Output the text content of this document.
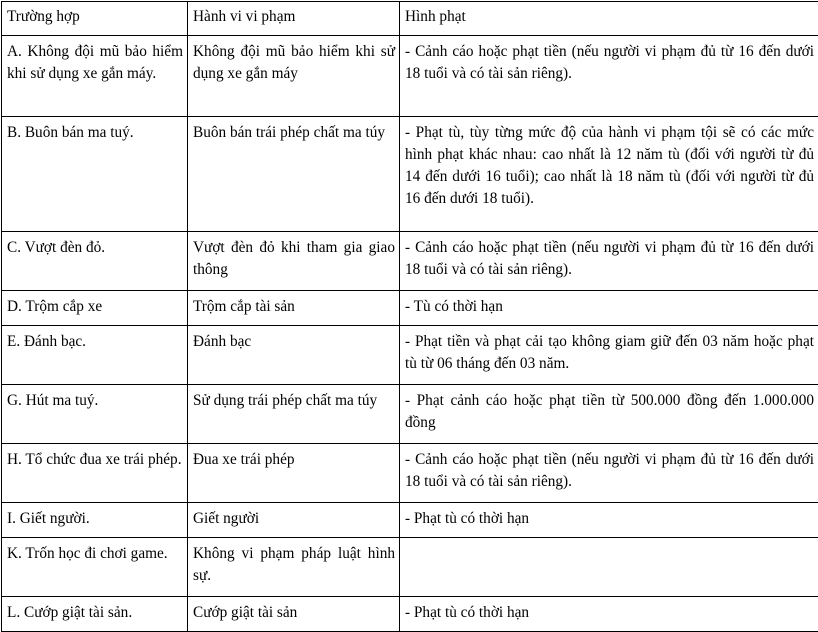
Trường hợp	Hành vi vi phạm	Hình phạt
A. Không đội mũ bảo hiểm khi sử dụng xe gắn máy.	Không đội mũ bảo hiểm khi sử dụng xe gắn máy	- Cảnh cáo hoặc phạt tiền (nếu người vi phạm đủ từ 16 đến dưới 18 tuổi và có tài sản riêng).
B. Buôn bán ma tuý.	Buôn bán trái phép chất ma túy	- Phạt tù, tùy từng mức độ của hành vi phạm tội sẽ có các mức hình phạt khác nhau: cao nhất là 12 năm tù (đối với người từ đủ 14 đến dưới 16 tuổi); cao nhất là 18 năm tù (đối với người từ đủ 16 đến dưới 18 tuổi).
C. Vượt đèn đỏ.	Vượt đèn đỏ khi tham gia giao thông	- Cảnh cáo hoặc phạt tiền (nếu người vi phạm đủ từ 16 đến dưới 18 tuổi và có tài sản riêng).
D. Trộm cắp xe	Trộm cắp tài sản	- Tù có thời hạn
E. Đánh bạc.	Đánh bạc	- Phạt tiền và phạt cải tạo không giam giữ đến 03 năm hoặc phạt tù từ 06 tháng đến 03 năm.
G. Hút ma tuý.	Sử dụng trái phép chất ma túy	- Phạt cảnh cáo hoặc phạt tiền từ 500.000 đồng đến 1.000.000 đồng
H. Tổ chức đua xe trái phép.	Đua xe trái phép	- Cảnh cáo hoặc phạt tiền (nếu người vi phạm đủ từ 16 đến dưới 18 tuổi và có tài sản riêng).
I. Giết người.	Giết người	- Phạt tù có thời hạn
K. Trốn học đi chơi game.	Không vi phạm pháp luật hình sự.	
L. Cướp giật tài sản.	Cướp giật tài sản	- Phạt tù có thời hạn
